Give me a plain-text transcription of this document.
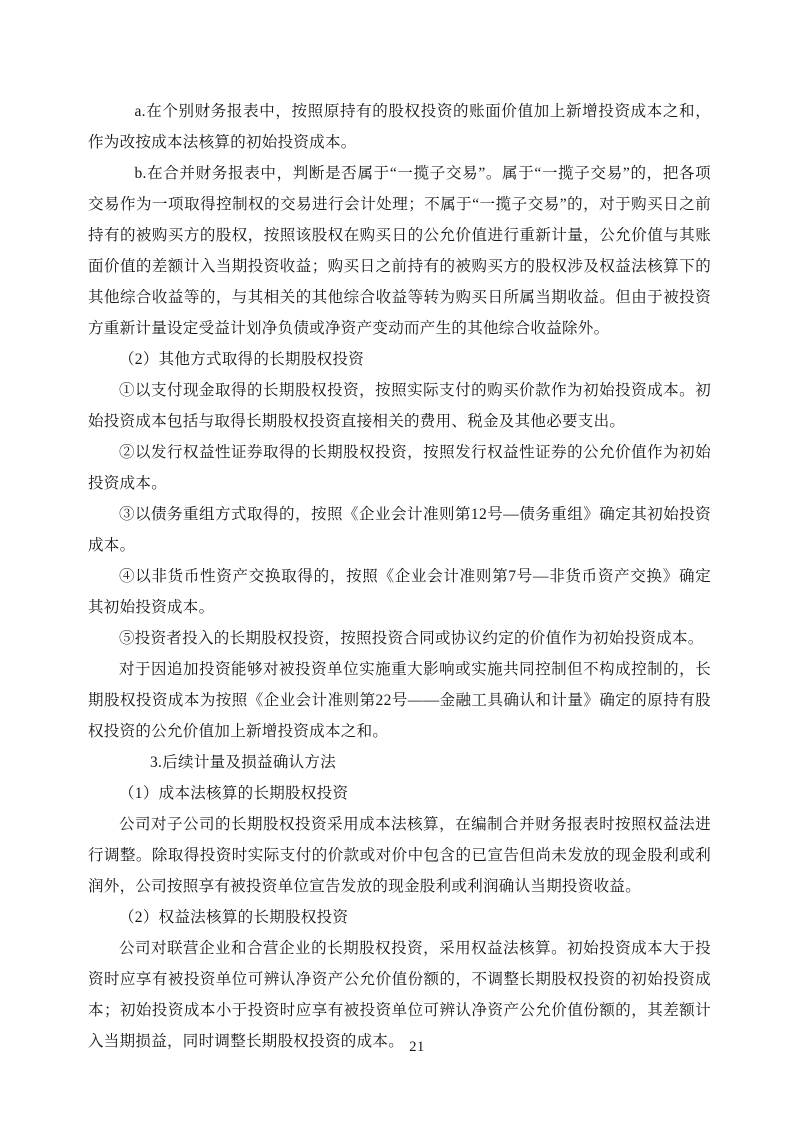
a.在个别财务报表中，按照原持有的股权投资的账面价值加上新增投资成本之和，作为改按成本法核算的初始投资成本。

b.在合并财务报表中，判断是否属于“一揽子交易”。属于“一揽子交易”的，把各项交易作为一项取得控制权的交易进行会计处理；不属于“一揽子交易”的，对于购买日之前持有的被购买方的股权，按照该股权在购买日的公允价值进行重新计量，公允价值与其账面价值的差额计入当期投资收益；购买日之前持有的被购买方的股权涉及权益法核算下的其他综合收益等的，与其相关的其他综合收益等转为购买日所属当期收益。但由于被投资方重新计量设定受益计划净负债或净资产变动而产生的其他综合收益除外。

（2）其他方式取得的长期股权投资

①以支付现金取得的长期股权投资，按照实际支付的购买价款作为初始投资成本。初始投资成本包括与取得长期股权投资直接相关的费用、税金及其他必要支出。

②以发行权益性证券取得的长期股权投资，按照发行权益性证券的公允价值作为初始投资成本。

③以债务重组方式取得的，按照《企业会计准则第12号—债务重组》确定其初始投资成本。

④以非货币性资产交换取得的，按照《企业会计准则第7号—非货币资产交换》确定其初始投资成本。

⑤投资者投入的长期股权投资，按照投资合同或协议约定的价值作为初始投资成本。

对于因追加投资能够对被投资单位实施重大影响或实施共同控制但不构成控制的，长期股权投资成本为按照《企业会计准则第22号——金融工具确认和计量》确定的原持有股权投资的公允价值加上新增投资成本之和。

3.后续计量及损益确认方法

（1）成本法核算的长期股权投资

公司对子公司的长期股权投资采用成本法核算，在编制合并财务报表时按照权益法进行调整。除取得投资时实际支付的价款或对价中包含的已宣告但尚未发放的现金股利或利润外，公司按照享有被投资单位宣告发放的现金股利或利润确认当期投资收益。

（2）权益法核算的长期股权投资

公司对联营企业和合营企业的长期股权投资，采用权益法核算。初始投资成本大于投资时应享有被投资单位可辨认净资产公允价值份额的，不调整长期股权投资的初始投资成本；初始投资成本小于投资时应享有被投资单位可辨认净资产公允价值份额的，其差额计入当期损益，同时调整长期股权投资的成本。 21
